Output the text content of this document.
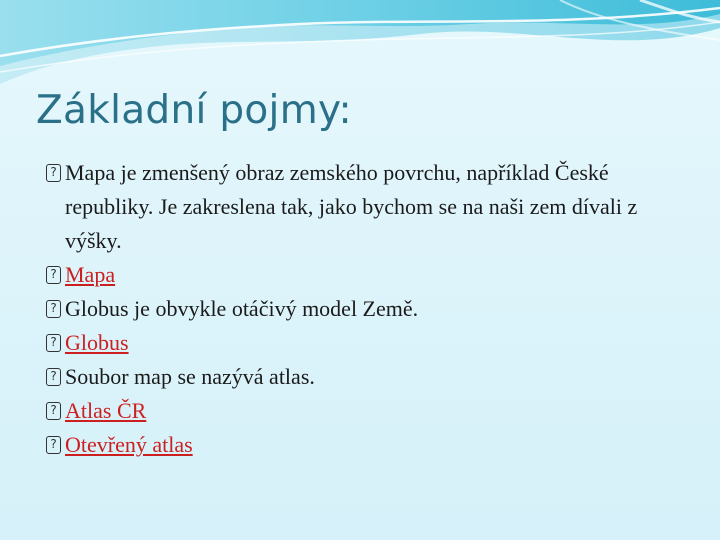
Základní pojmy:
? Mapa je zmenšený obraz zemského povrchu, například České republiky. Je zakreslena tak, jako bychom se na naši zem dívali z výšky.
? Mapa
? Globus je obvykle otáčivý model Země.
? Globus
? Soubor map se nazývá atlas.
? Atlas ČR
? Otevřený atlas
